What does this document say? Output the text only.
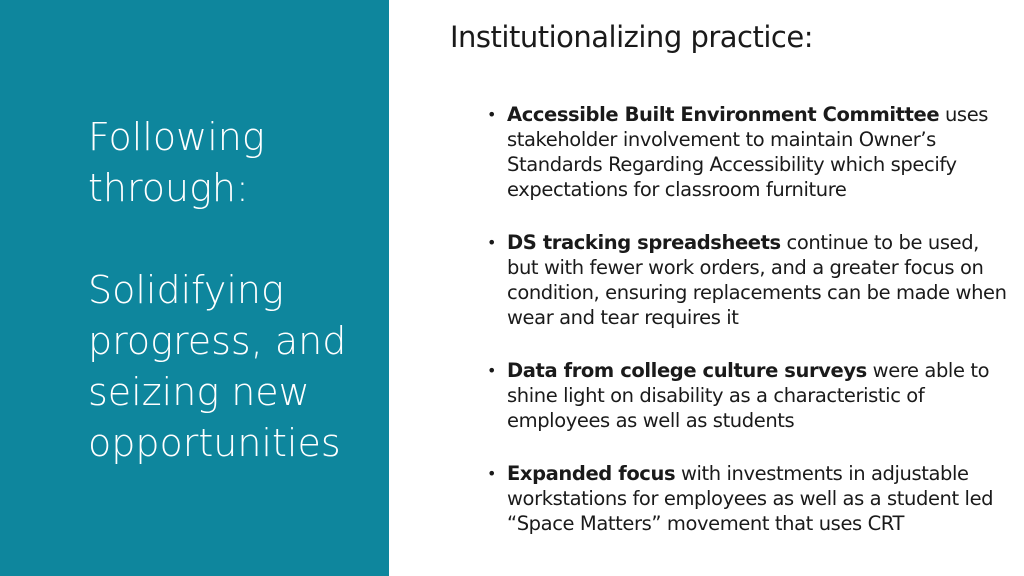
Following
through:
Solidifying
progress, and
seizing new
opportunities
Institutionalizing practice:
• Accessible Built Environment Committee uses stakeholder involvement to maintain Owner’s Standards Regarding Accessibility which specify expectations for classroom furniture
• DS tracking spreadsheets continue to be used, but with fewer work orders, and a greater focus on condition, ensuring replacements can be made when wear and tear requires it
• Data from college culture surveys were able to shine light on disability as a characteristic of employees as well as students
• Expanded focus with investments in adjustable workstations for employees as well as a student led “Space Matters” movement that uses CRT
